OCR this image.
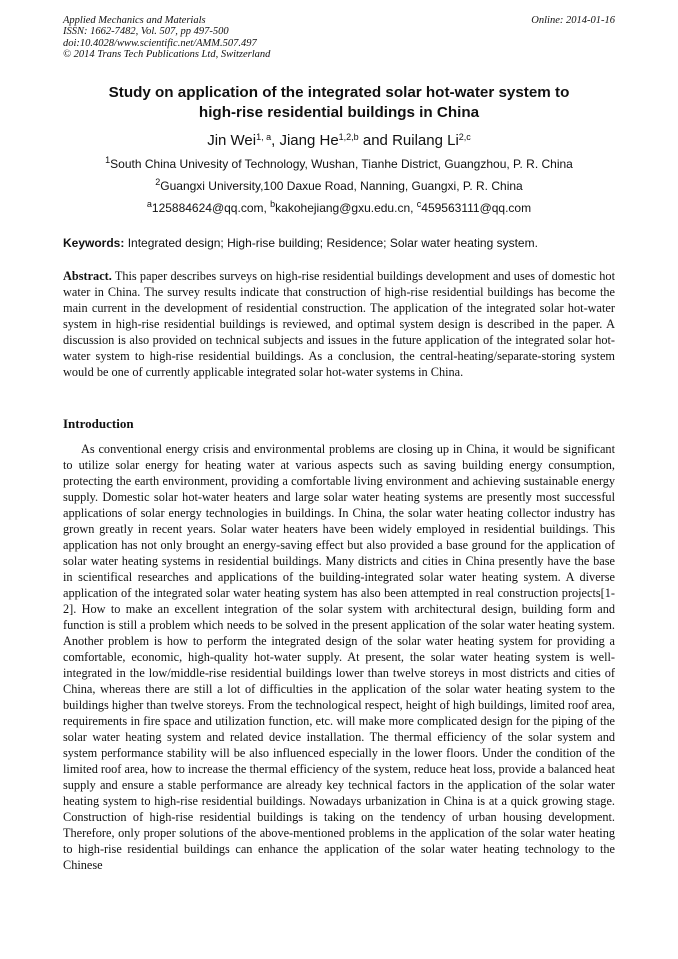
Applied Mechanics and Materials
ISSN: 1662-7482, Vol. 507, pp 497-500
doi:10.4028/www.scientific.net/AMM.507.497
© 2014 Trans Tech Publications Ltd, Switzerland
Online: 2014-01-16
Study on application of the integrated solar hot-water system to
high-rise residential buildings in China
Jin Wei$^{1, a}$, Jiang He$^{1,2,b}$ and Ruilang Li$^{2,c}$
$^1$South China Univesity of Technology, Wushan, Tianhe District, Guangzhou, P. R. China
$^2$Guangxi University,100 Daxue Road, Nanning, Guangxi, P. R. China
$^a$125884624@qq.com, $^b$kakohejiang@gxu.edu.cn, $^c$459563111@qq.com
Keywords: Integrated design; High-rise building; Residence; Solar water heating system.
Abstract. This paper describes surveys on high-rise residential buildings development and uses of domestic hot water in China. The survey results indicate that construction of high-rise residential buildings has become the main current in the development of residential construction. The application of the integrated solar hot-water system in high-rise residential buildings is reviewed, and optimal system design is described in the paper. A discussion is also provided on technical subjects and issues in the future application of the integrated solar hot-water system to high-rise residential buildings. As a conclusion, the central-heating/separate-storing system would be one of currently applicable integrated solar hot-water systems in China.
Introduction
As conventional energy crisis and environmental problems are closing up in China, it would be significant to utilize solar energy for heating water at various aspects such as saving building energy consumption, protecting the earth environment, providing a comfortable living environment and achieving sustainable energy supply. Domestic solar hot-water heaters and large solar water heating systems are presently most successful applications of solar energy technologies in buildings. In China, the solar water heating collector industry has grown greatly in recent years. Solar water heaters have been widely employed in residential buildings. This application has not only brought an energy-saving effect but also provided a base ground for the application of solar water heating systems in residential buildings. Many districts and cities in China presently have the base in scientifical researches and applications of the building-integrated solar water heating system. A diverse application of the integrated solar water heating system has also been attempted in real construction projects[1-2]. How to make an excellent integration of the solar system with architectural design, building form and function is still a problem which needs to be solved in the present application of the solar water heating system. Another problem is how to perform the integrated design of the solar water heating system for providing a comfortable, economic, high-quality hot-water supply. At present, the solar water heating system is well-integrated in the low/middle-rise residential buildings lower than twelve storeys in most districts and cities of China, whereas there are still a lot of difficulties in the application of the solar water heating system to the buildings higher than twelve storeys. From the technological respect, height of high buildings, limited roof area, requirements in fire space and utilization function, etc. will make more complicated design for the piping of the solar water heating system and related device installation. The thermal efficiency of the solar system and system performance stability will be also influenced especially in the lower floors. Under the condition of the limited roof area, how to increase the thermal efficiency of the system, reduce heat loss, provide a balanced heat supply and ensure a stable performance are already key technical factors in the application of the solar water heating system to high-rise residential buildings. Nowadays urbanization in China is at a quick growing stage. Construction of high-rise residential buildings is taking on the tendency of urban housing development. Therefore, only proper solutions of the above-mentioned problems in the application of the solar water heating to high-rise residential buildings can enhance the application of the solar water heating technology to the Chinese
